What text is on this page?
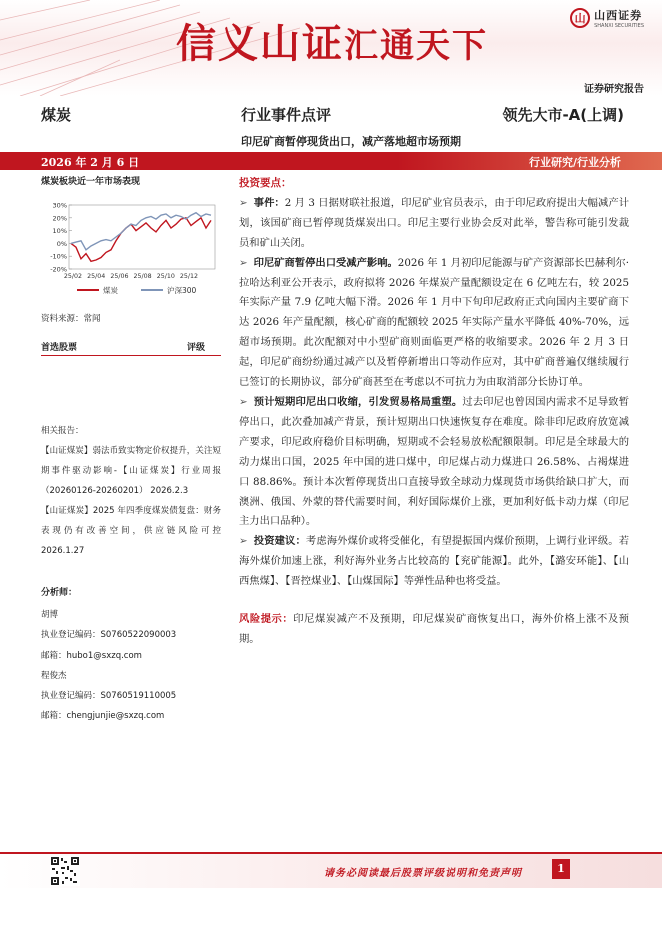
信义山证汇通天下
山 山西证券
SHANXI SECURITIES
证券研究报告
煤炭	行业事件点评	领先大市-A(上调)
印尼矿商暂停现货出口，减产落地超市场预期
2026 年 2 月 6 日	行业研究/行业分析
煤炭板块近一年市场表现
30%
20%
10%
0%
-10%
-20%
25/02 25/04 25/06 25/08 25/10 25/12
煤炭	沪深300
资料来源：常闻
首选股票	评级
相关报告：
【山证煤炭】弱法币致实物定价权提升，关注短期事件驱动影响-【山证煤炭】行业周报（20260126-20260201） 2026.2.3
【山证煤炭】2025 年四季度煤炭债复盘：财务表现仍有改善空间，供应链风险可控 2026.1.27
分析师：
胡博
执业登记编码：S0760522090003
邮箱：hubo1@sxzq.com
程俊杰
执业登记编码：S0760519110005
邮箱：chengjunjie@sxzq.com
投资要点：
➢ 事件：2 月 3 日据财联社报道，印尼矿业官员表示，由于印尼政府提出大幅减产计划，该国矿商已暂停现货煤炭出口。印尼主要行业协会反对此举，警告称可能引发裁员和矿山关闭。
➢ 印尼矿商暂停出口受减产影响。2026 年 1 月初印尼能源与矿产资源部长巴赫利尔·拉哈达利亚公开表示，政府拟将 2026 年煤炭产量配额设定在 6 亿吨左右，较 2025 年实际产量 7.9 亿吨大幅下滑。2026 年 1 月中下旬印尼政府正式向国内主要矿商下达 2026 年产量配额，核心矿商的配额较 2025 年实际产量水平降低 40%-70%，远超市场预期。此次配额对中小型矿商则面临更严格的收缩要求。2026 年 2 月 3 日起，印尼矿商纷纷通过减产以及暂停新增出口等动作应对，其中矿商普遍仅继续履行已签订的长期协议，部分矿商甚至在考虑以不可抗力为由取消部分长协订单。
➢ 预计短期印尼出口收缩，引发贸易格局重塑。过去印尼也曾因国内需求不足导致暂停出口，此次叠加减产背景，预计短期出口快速恢复存在难度。除非印尼政府放宽减产要求，印尼政府稳价目标明确，短期或不会轻易放松配额限制。印尼是全球最大的动力煤出口国，2025 年中国的进口煤中，印尼煤占动力煤进口 26.58%、占褐煤进口 88.86%。预计本次暂停现货出口直接导致全球动力煤现货市场供给缺口扩大，而澳洲、俄国、外蒙的替代需要时间，利好国际煤价上涨，更加利好低卡动力煤（印尼主力出口品种）。
➢ 投资建议：考虑海外煤价或将受催化，有望提振国内煤价预期，上调行业评级。若海外煤价加速上涨，利好海外业务占比较高的【兖矿能源】。此外，【潞安环能】、【山西焦煤】、【晋控煤业】、【山煤国际】等弹性品种也将受益。
风险提示：印尼煤炭减产不及预期，印尼煤炭矿商恢复出口，海外价格上涨不及预期。
请务必阅读最后股票评级说明和免责声明	1
